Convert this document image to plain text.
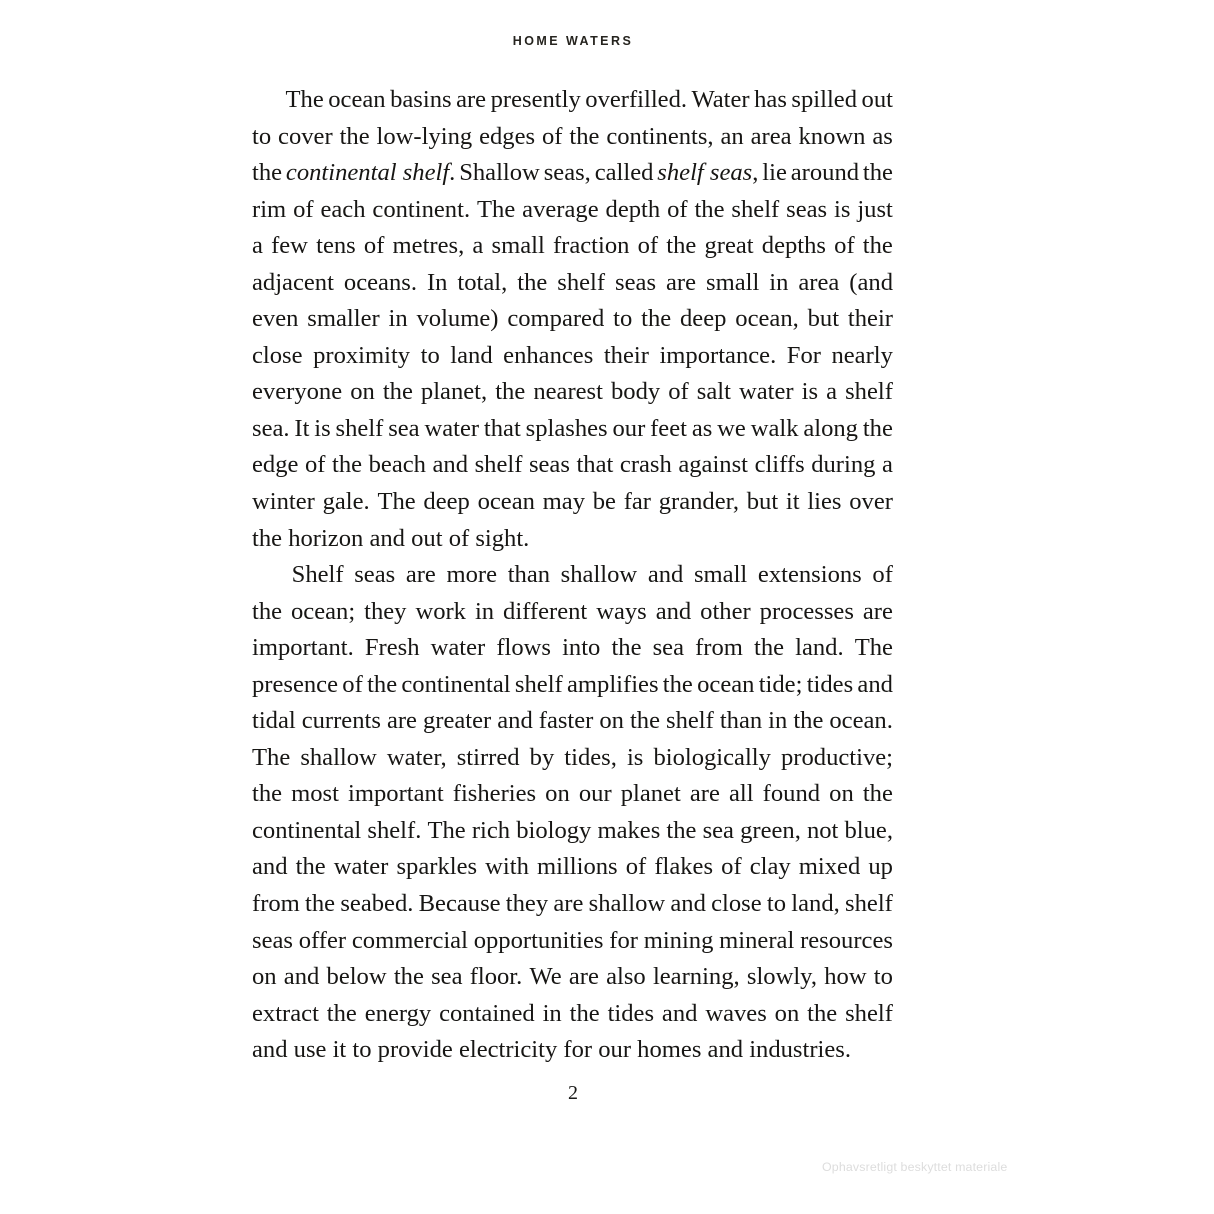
HOME WATERS
The ocean basins are presently overfilled. Water has spilled out
to cover the low-lying edges of the continents, an area known as
the continental shelf. Shallow seas, called shelf seas, lie around the
rim of each continent. The average depth of the shelf seas is just
a few tens of metres, a small fraction of the great depths of the
adjacent oceans. In total, the shelf seas are small in area (and
even smaller in volume) compared to the deep ocean, but their
close proximity to land enhances their importance. For nearly
everyone on the planet, the nearest body of salt water is a shelf
sea. It is shelf sea water that splashes our feet as we walk along the
edge of the beach and shelf seas that crash against cliffs during a
winter gale. The deep ocean may be far grander, but it lies over
the horizon and out of sight.
Shelf seas are more than shallow and small extensions of
the ocean; they work in different ways and other processes are
important. Fresh water flows into the sea from the land. The
presence of the continental shelf amplifies the ocean tide; tides and
tidal currents are greater and faster on the shelf than in the ocean.
The shallow water, stirred by tides, is biologically productive;
the most important fisheries on our planet are all found on the
continental shelf. The rich biology makes the sea green, not blue,
and the water sparkles with millions of flakes of clay mixed up
from the seabed. Because they are shallow and close to land, shelf
seas offer commercial opportunities for mining mineral resources
on and below the sea floor. We are also learning, slowly, how to
extract the energy contained in the tides and waves on the shelf
and use it to provide electricity for our homes and industries.
2
Ophavsretligt beskyttet materiale
